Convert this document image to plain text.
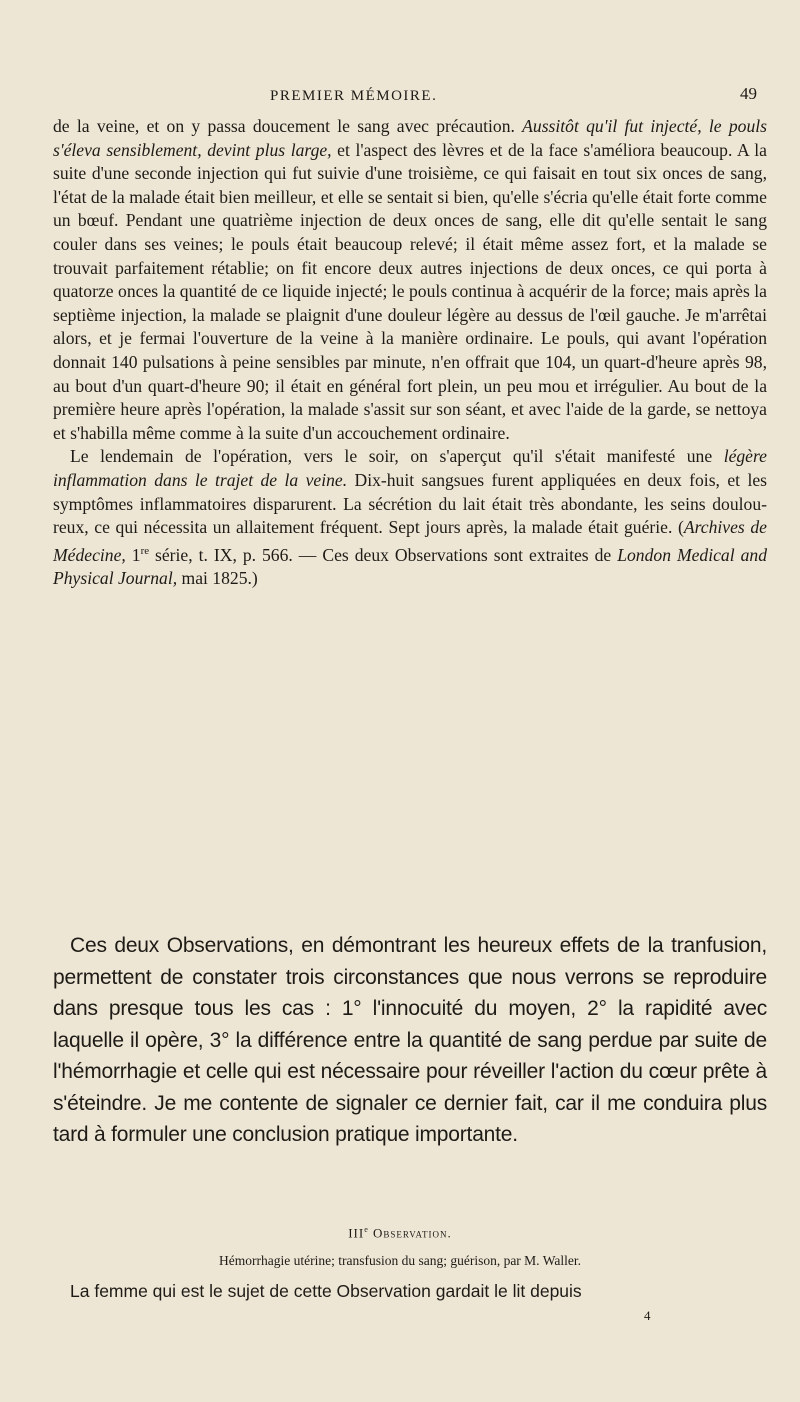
PREMIER MÉMOIRE.	49

de la veine, et on y passa doucement le sang avec précaution. Aussitôt qu'il fut injecté, le pouls s'éleva sensiblement, devint plus large, et l'aspect des lèvres et de la face s'améliora beaucoup. A la suite d'une seconde injection qui fut suivie d'une troisième, ce qui faisait en tout six onces de sang, l'état de la malade était bien meilleur, et elle se sentait si bien, qu'elle s'écria qu'elle était forte comme un bœuf. Pendant une quatrième injection de deux onces de sang, elle dit qu'elle sentait le sang couler dans ses veines; le pouls était beaucoup relevé; il était même assez fort, et la malade se trouvait parfaitement rétablie; on fit encore deux autres injections de deux onces, ce qui porta à quatorze onces la quantité de ce liquide injecté; le pouls continua à acquérir de la force; mais après la septième injection, la malade se plaignit d'une douleur légère au dessus de l'œil gauche. Je m'arrêtai alors, et je fermai l'ouverture de la veine à la manière ordinaire. Le pouls, qui avant l'opération donnait 140 pulsations à peine sensibles par minute, n'en offrait que 104, un quart-d'heure après 98, au bout d'un quart-d'heure 90; il était en général fort plein, un peu mou et irrégulier. Au bout de la première heure après l'opération, la malade s'assit sur son séant, et avec l'aide de la garde, se nettoya et s'habilla même comme à la suite d'un accouchement ordinaire.

Le lendemain de l'opération, vers le soir, on s'aperçut qu'il s'était manifesté une légère inflammation dans le trajet de la veine. Dix-huit sangsues furent appliquées en deux fois, et les symptômes inflammatoires disparurent. La sécrétion du lait était très abondante, les seins doulou-reux, ce qui nécessita un allaitement fréquent. Sept jours après, la malade était guérie. (Archives de Médecine, 1re série, t. IX, p. 566. — Ces deux Observations sont extraites de London Medical and Physical Journal, mai 1825.)

Ces deux Observations, en démontrant les heureux effets de la tranfusion, permettent de constater trois circonstances que nous verrons se reproduire dans presque tous les cas : 1° l'innocuité du moyen, 2° la rapidité avec laquelle il opère, 3° la différence entre la quantité de sang perdue par suite de l'hémorrhagie et celle qui est nécessaire pour réveiller l'action du cœur prête à s'éteindre. Je me contente de signaler ce dernier fait, car il me conduira plus tard à formuler une conclusion pratique importante.

IIIe Observation.
Hémorrhagie utérine; transfusion du sang; guérison, par M. Waller.
La femme qui est le sujet de cette Observation gardait le lit depuis
4
